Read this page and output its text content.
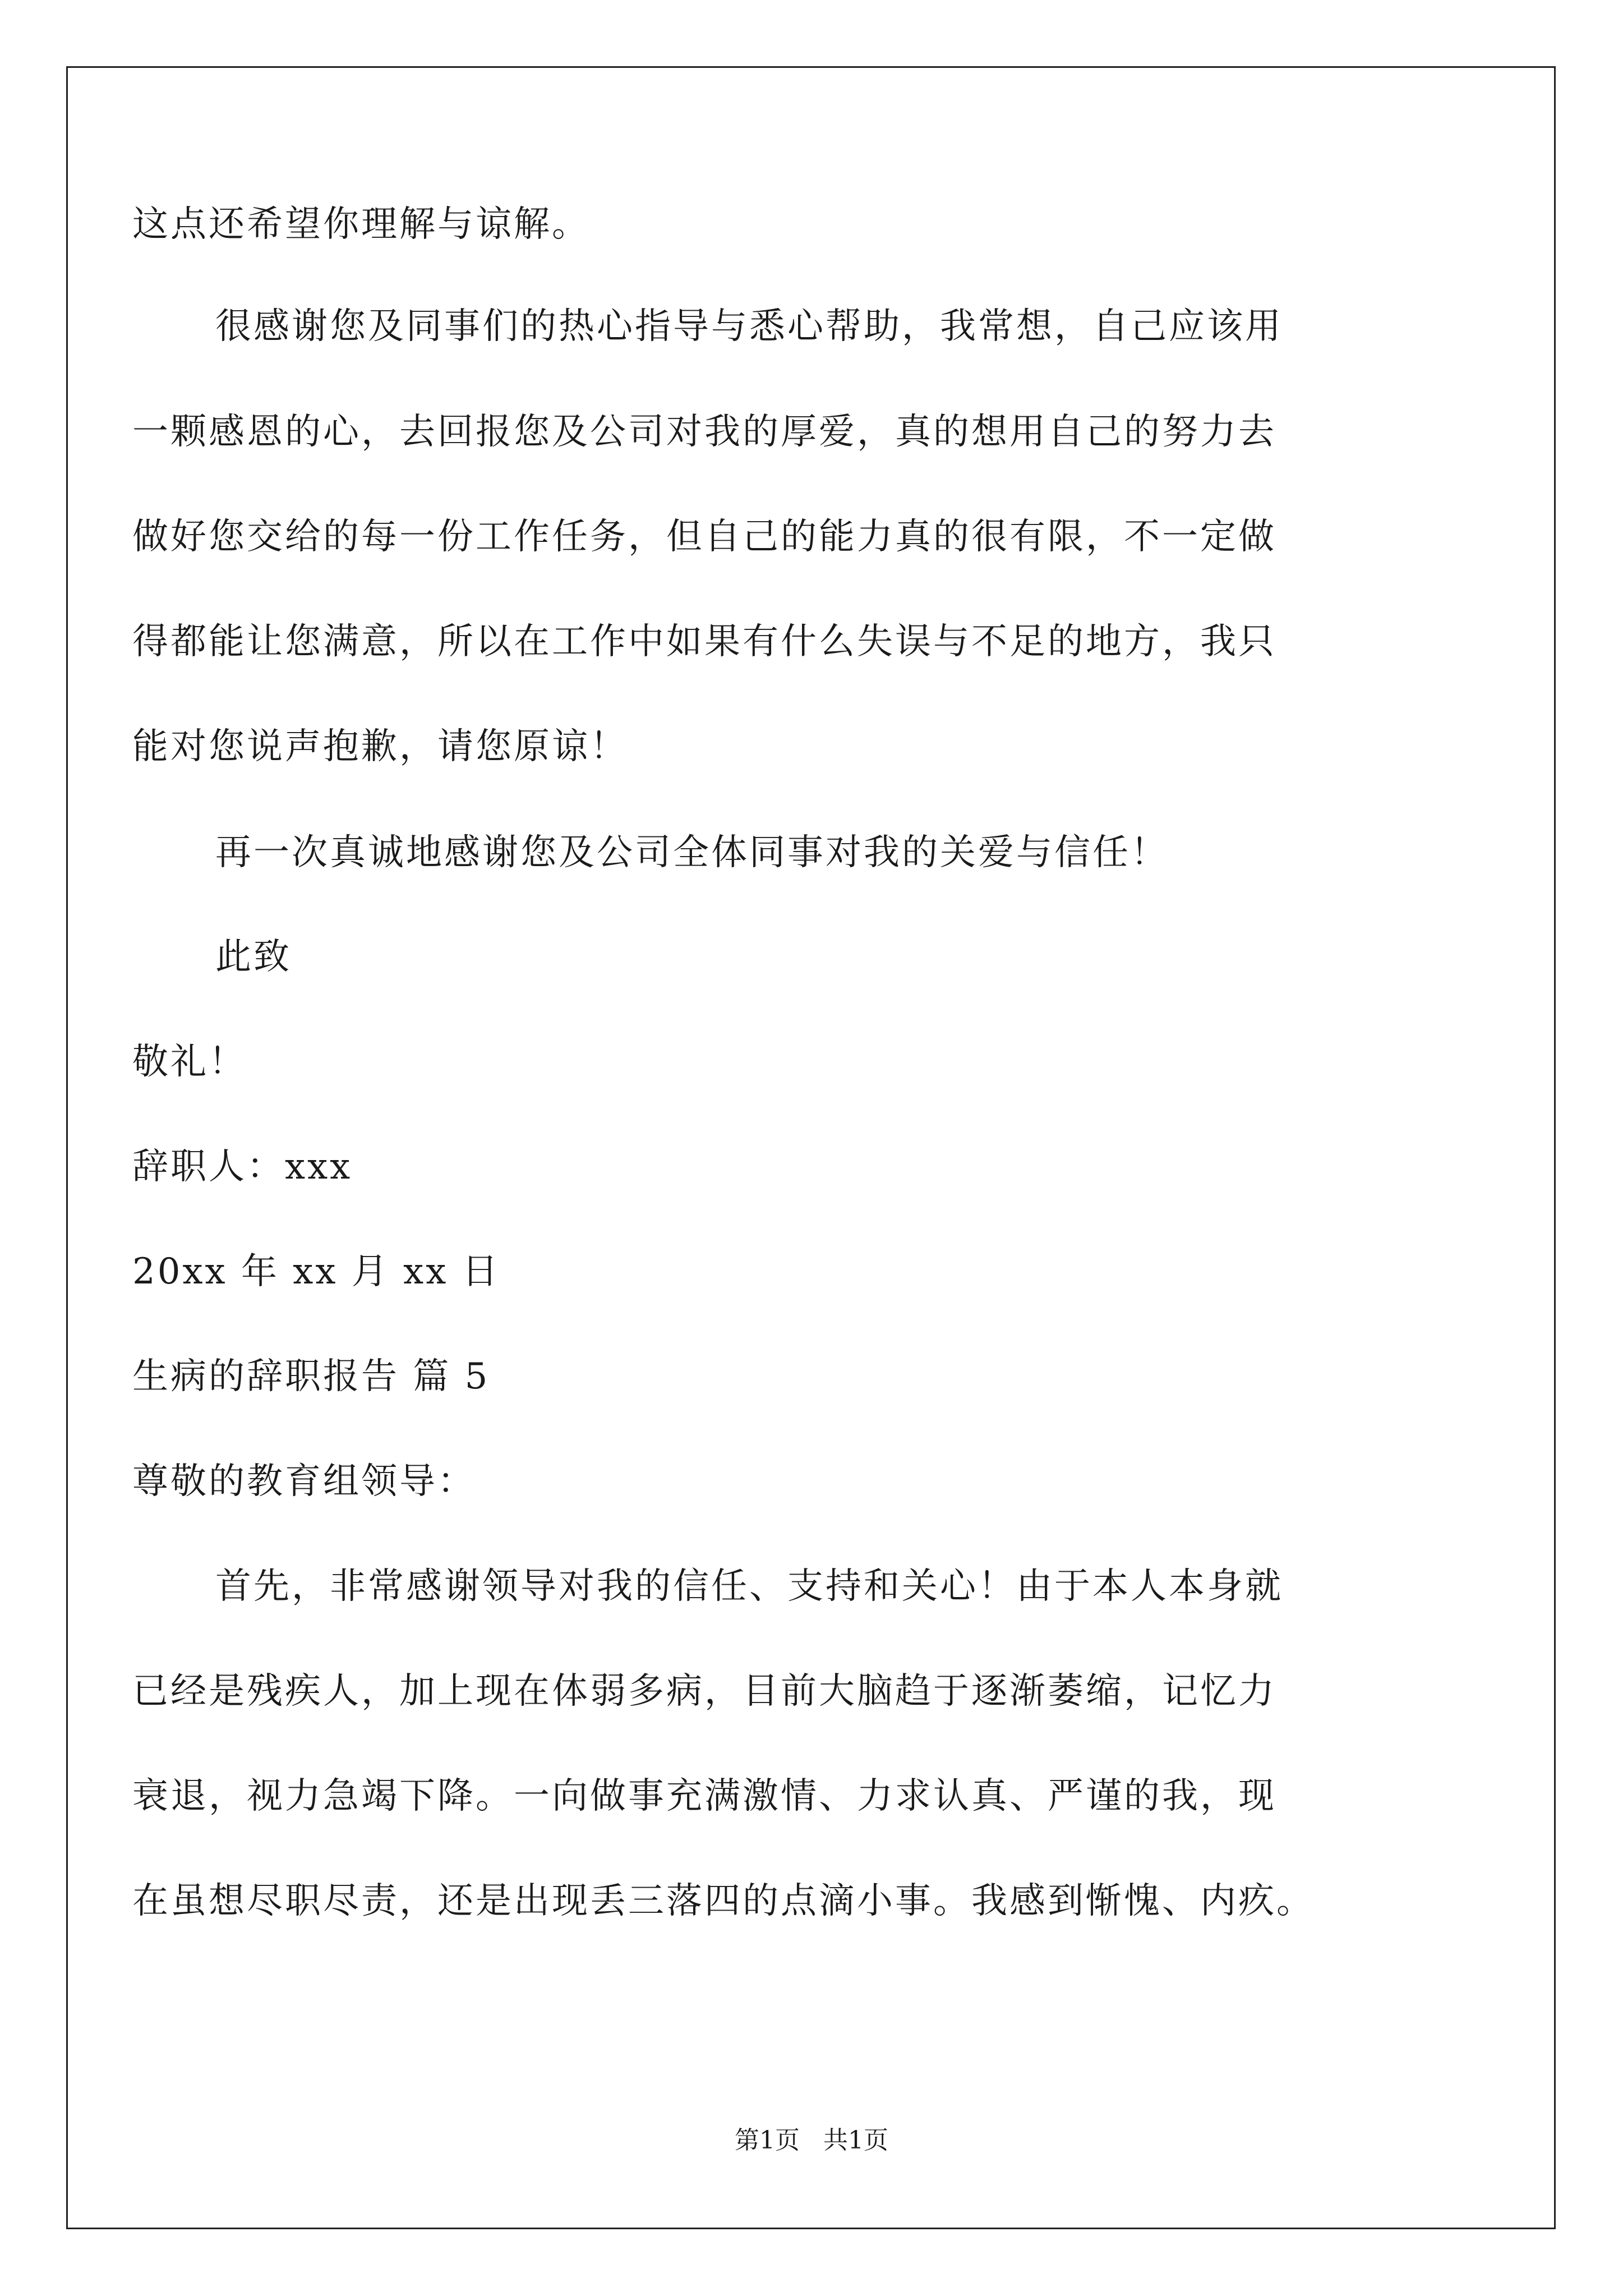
这点还希望你理解与谅解。
很感谢您及同事们的热心指导与悉心帮助，我常想，自己应该用
一颗感恩的心，去回报您及公司对我的厚爱，真的想用自己的努力去
做好您交给的每一份工作任务，但自己的能力真的很有限，不一定做
得都能让您满意，所以在工作中如果有什么失误与不足的地方，我只
能对您说声抱歉，请您原谅！
再一次真诚地感谢您及公司全体同事对我的关爱与信任！
此致
敬礼！
辞职人：xxx
20xx 年 xx 月 xx 日
生病的辞职报告 篇 5
尊敬的教育组领导：
首先，非常感谢领导对我的信任、支持和关心！由于本人本身就
已经是残疾人，加上现在体弱多病，目前大脑趋于逐渐萎缩，记忆力
衰退，视力急竭下降。一向做事充满激情、力求认真、严谨的我，现
在虽想尽职尽责，还是出现丢三落四的点滴小事。我感到惭愧、内疚。
第1页   共1页
